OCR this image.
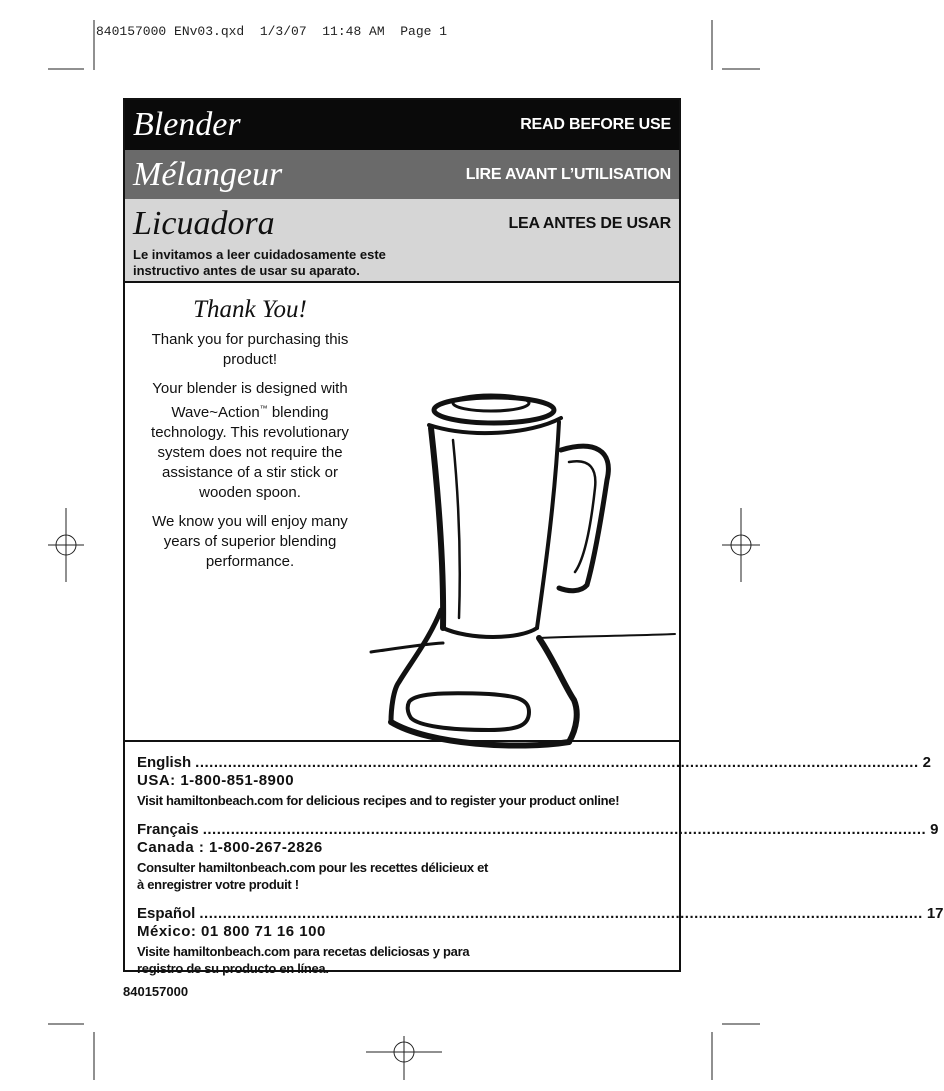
840157000 ENv03.qxd  1/3/07  11:48 AM  Page 1
Blender	READ BEFORE USE
Mélangeur	LIRE AVANT L’UTILISATION
Licuadora	LEA ANTES DE USAR
Le invitamos a leer cuidadosamente este instructivo antes de usar su aparato.
Thank You!

Thank you for purchasing this product!

Your blender is designed with Wave~Action™ blending technology. This revolutionary system does not require the assistance of a stir stick or wooden spoon.

We know you will enjoy many years of superior blending performance.

English ........................................................................................................................................................... 2
USA: 1-800-851-8900
Visit hamiltonbeach.com for delicious recipes and to register your product online!
Français ........................................................................................................................................................... 9
Canada : 1-800-267-2826
Consulter hamiltonbeach.com pour les recettes délicieux et à enregistrer votre produit !
Español ........................................................................................................................................................... 17
México: 01 800 71 16 100
Visite hamiltonbeach.com para recetas deliciosas y para registro de su producto en línea.
840157000
